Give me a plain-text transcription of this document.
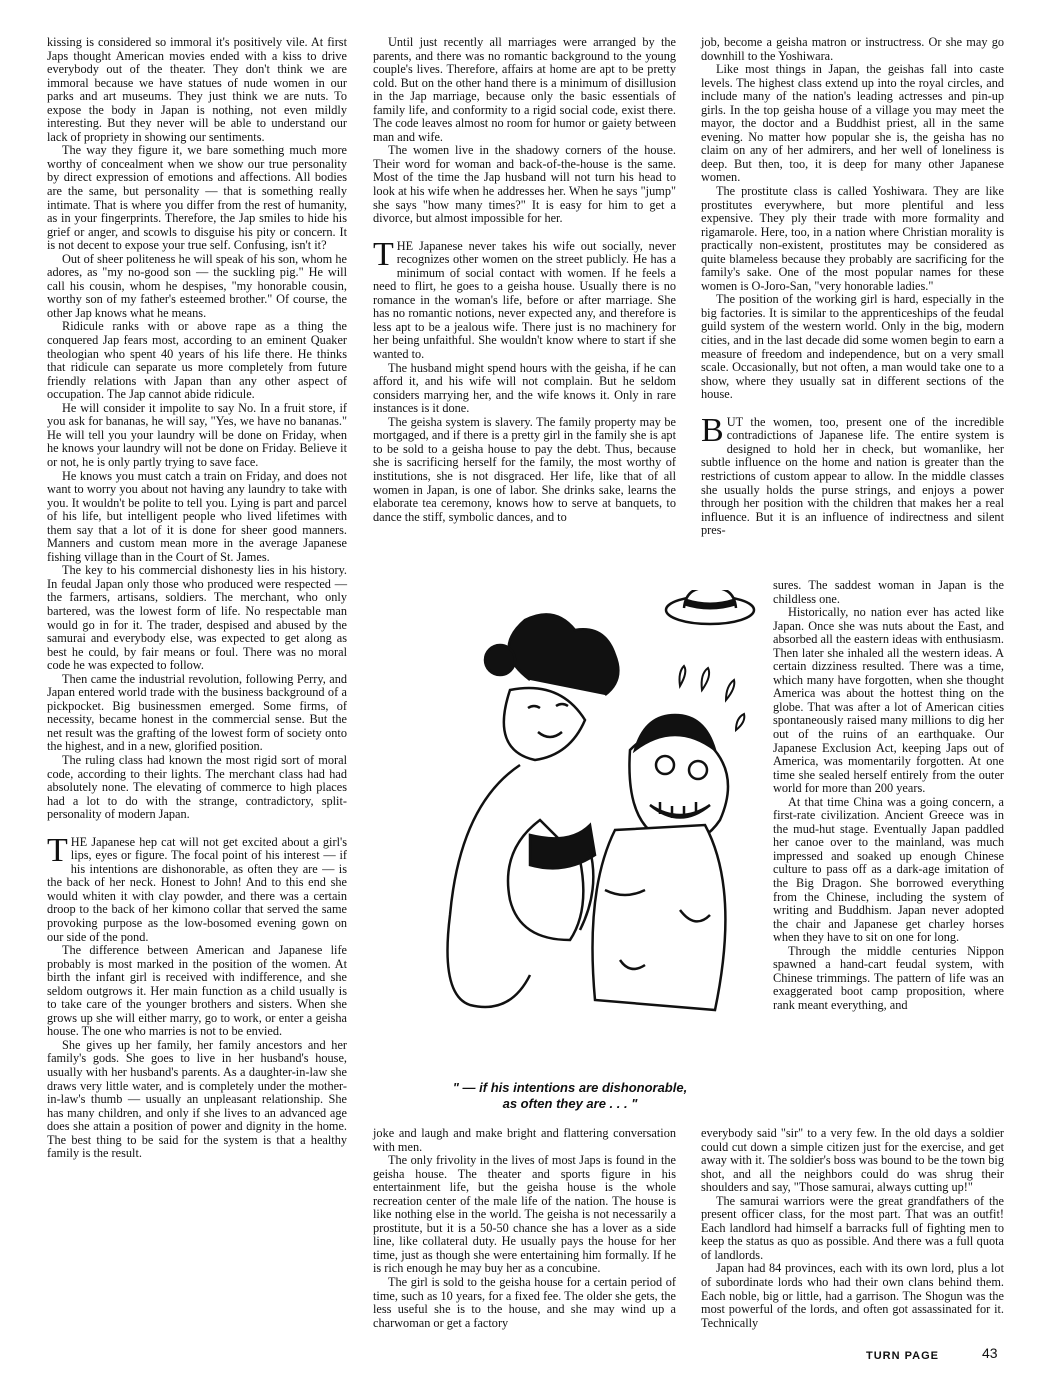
kissing is considered so immoral it's positively vile. At first Japs thought American movies ended with a kiss to drive everybody out of the theater. They don't think we are immoral because we have statues of nude women in our parks and art museums. They just think we are nuts. To expose the body in Japan is nothing, not even mildly interesting. But they never will be able to understand our lack of propriety in showing our sentiments.

The way they figure it, we bare something much more worthy of concealment when we show our true personality by direct expression of emotions and affections. All bodies are the same, but personality — that is something really intimate. That is where you differ from the rest of humanity, as in your fingerprints. Therefore, the Jap smiles to hide his grief or anger, and scowls to disguise his pity or concern. It is not decent to expose your true self. Confusing, isn't it?

Out of sheer politeness he will speak of his son, whom he adores, as "my no-good son — the suckling pig." He will call his cousin, whom he despises, "my honorable cousin, worthy son of my father's esteemed brother." Of course, the other Jap knows what he means.

Ridicule ranks with or above rape as a thing the conquered Jap fears most, according to an eminent Quaker theologian who spent 40 years of his life there. He thinks that ridicule can separate us more completely from future friendly relations with Japan than any other aspect of occupation. The Jap cannot abide ridicule.

He will consider it impolite to say No. In a fruit store, if you ask for bananas, he will say, "Yes, we have no bananas." He will tell you your laundry will be done on Friday, when he knows your laundry will not be done on Friday. Believe it or not, he is only partly trying to save face.

He knows you must catch a train on Friday, and does not want to worry you about not having any laundry to take with you. It wouldn't be polite to tell you. Lying is part and parcel of his life, but intelligent people who lived lifetimes with them say that a lot of it is done for sheer good manners. Manners and custom mean more in the average Japanese fishing village than in the Court of St. James.

The key to his commercial dishonesty lies in his history. In feudal Japan only those who produced were respected — the farmers, artisans, soldiers. The merchant, who only bartered, was the lowest form of life. No respectable man would go in for it. The trader, despised and abused by the samurai and everybody else, was expected to get along as best he could, by fair means or foul. There was no moral code he was expected to follow.

Then came the industrial revolution, following Perry, and Japan entered world trade with the business background of a pickpocket. Big businessmen emerged. Some firms, of necessity, became honest in the commercial sense. But the net result was the grafting of the lowest form of society onto the highest, and in a new, glorified position.

The ruling class had known the most rigid sort of moral code, according to their lights. The merchant class had had absolutely none. The elevating of commerce to high places had a lot to do with the strange, contradictory, split-personality of modern Japan.

THE Japanese hep cat will not get excited about a girl's lips, eyes or figure. The focal point of his interest — if his intentions are dishonorable, as often they are — is the back of her neck. Honest to John! And to this end she would whiten it with clay powder, and there was a certain droop to the back of her kimono collar that served the same provoking purpose as the low-bosomed evening gown on our side of the pond.

The difference between American and Japanese life probably is most marked in the position of the women. At birth the infant girl is received with indifference, and she seldom outgrows it. Her main function as a child usually is to take care of the younger brothers and sisters. When she grows up she will either marry, go to work, or enter a geisha house. The one who marries is not to be envied.

She gives up her family, her family ancestors and her family's gods. She goes to live in her husband's house, usually with her husband's parents. As a daughter-in-law she draws very little water, and is completely under the mother-in-law's thumb — usually an unpleasant relationship. She has many children, and only if she lives to an advanced age does she attain a position of power and dignity in the home. The best thing to be said for the system is that a healthy family is the result.

Until just recently all marriages were arranged by the parents, and there was no romantic background to the young couple's lives. Therefore, affairs at home are apt to be pretty cold. But on the other hand there is a minimum of disillusion in the Jap marriage, because only the basic essentials of family life, and conformity to a rigid social code, exist there. The code leaves almost no room for humor or gaiety between man and wife.

The women live in the shadowy corners of the house. Their word for woman and back-of-the-house is the same. Most of the time the Jap husband will not turn his head to look at his wife when he addresses her. When he says "jump" she says "how many times?" It is easy for him to get a divorce, but almost impossible for her.

THE Japanese never takes his wife out socially, never recognizes other women on the street publicly. He has a minimum of social contact with women. If he feels a need to flirt, he goes to a geisha house. Usually there is no romance in the woman's life, before or after marriage. She has no romantic notions, never expected any, and therefore is less apt to be a jealous wife. There just is no machinery for her being unfaithful. She wouldn't know where to start if she wanted to.

The husband might spend hours with the geisha, if he can afford it, and his wife will not complain. But he seldom considers marrying her, and the wife knows it. Only in rare instances is it done.

The geisha system is slavery. The family property may be mortgaged, and if there is a pretty girl in the family she is apt to be sold to a geisha house to pay the debt. Thus, because she is sacrificing herself for the family, the most worthy of institutions, she is not disgraced. Her life, like that of all women in Japan, is one of labor. She drinks sake, learns the elaborate tea ceremony, knows how to serve at banquets, to dance the stiff, symbolic dances, and to

" — if his intentions are dishonorable,
as often they are . . . "

joke and laugh and make bright and flattering conversation with men.

The only frivolity in the lives of most Japs is found in the geisha house. The theater and sports figure in his entertainment life, but the geisha house is the whole recreation center of the male life of the nation. The house is like nothing else in the world. The geisha is not necessarily a prostitute, but it is a 50-50 chance she has a lover as a side line, like collateral duty. He usually pays the house for her time, just as though she were entertaining him formally. If he is rich enough he may buy her as a concubine.

The girl is sold to the geisha house for a certain period of time, such as 10 years, for a fixed fee. The older she gets, the less useful she is to the house, and she may wind up a charwoman or get a factory

job, become a geisha matron or instructress. Or she may go downhill to the Yoshiwara.

Like most things in Japan, the geishas fall into caste levels. The highest class extend up into the royal circles, and include many of the nation's leading actresses and pin-up girls. In the top geisha house of a village you may meet the mayor, the doctor and a Buddhist priest, all in the same evening. No matter how popular she is, the geisha has no claim on any of her admirers, and her well of loneliness is deep. But then, too, it is deep for many other Japanese women.

The prostitute class is called Yoshiwara. They are like prostitutes everywhere, but more plentiful and less expensive. They ply their trade with more formality and rigamarole. Here, too, in a nation where Christian morality is practically non-existent, prostitutes may be considered as quite blameless because they probably are sacrificing for the family's sake. One of the most popular names for these women is O-Joro-San, "very honorable ladies."

The position of the working girl is hard, especially in the big factories. It is similar to the apprenticeships of the feudal guild system of the western world. Only in the big, modern cities, and in the last decade did some women begin to earn a measure of freedom and independence, but on a very small scale. Occasionally, but not often, a man would take one to a show, where they usually sat in different sections of the house.

BUT the women, too, present one of the incredible contradictions of Japanese life. The entire system is designed to hold her in check, but womanlike, her subtle influence on the home and nation is greater than the restrictions of custom appear to allow. In the middle classes she usually holds the purse strings, and enjoys a power through her position with the children that makes her a real influence. But it is an influence of indirectness and silent pres-

sures. The saddest woman in Japan is the childless one.

Historically, no nation ever has acted like Japan. Once she was nuts about the East, and absorbed all the eastern ideas with enthusiasm. Then later she inhaled all the western ideas. A certain dizziness resulted. There was a time, which many have forgotten, when she thought America was about the hottest thing on the globe. That was after a lot of American cities spontaneously raised many millions to dig her out of the ruins of an earthquake. Our Japanese Exclusion Act, keeping Japs out of America, was momentarily forgotten. At one time she sealed herself entirely from the outer world for more than 200 years.

At that time China was a going concern, a first-rate civilization. Ancient Greece was in the mud-hut stage. Eventually Japan paddled her canoe over to the mainland, was much impressed and soaked up enough Chinese culture to pass off as a dark-age imitation of the Big Dragon. She borrowed everything from the Chinese, including the system of writing and Buddhism. Japan never adopted the chair and Japanese get charley horses when they have to sit on one for long.

Through the middle centuries Nippon spawned a hand-cart feudal system, with Chinese trimmings. The pattern of life was an exaggerated boot camp proposition, where rank meant everything, and

everybody said "sir" to a very few. In the old days a soldier could cut down a simple citizen just for the exercise, and get away with it. The soldier's boss was bound to be the town big shot, and all the neighbors could do was shrug their shoulders and say, "Those samurai, always cutting up!"

The samurai warriors were the great grandfathers of the present officer class, for the most part. That was an outfit! Each landlord had himself a barracks full of fighting men to keep the status as quo as possible. And there was a full quota of landlords.

Japan had 84 provinces, each with its own lord, plus a lot of subordinate lords who had their own clans behind them. Each noble, big or little, had a garrison. The Shogun was the most powerful of the lords, and often got assassinated for it. Technically

TURN PAGE	43
